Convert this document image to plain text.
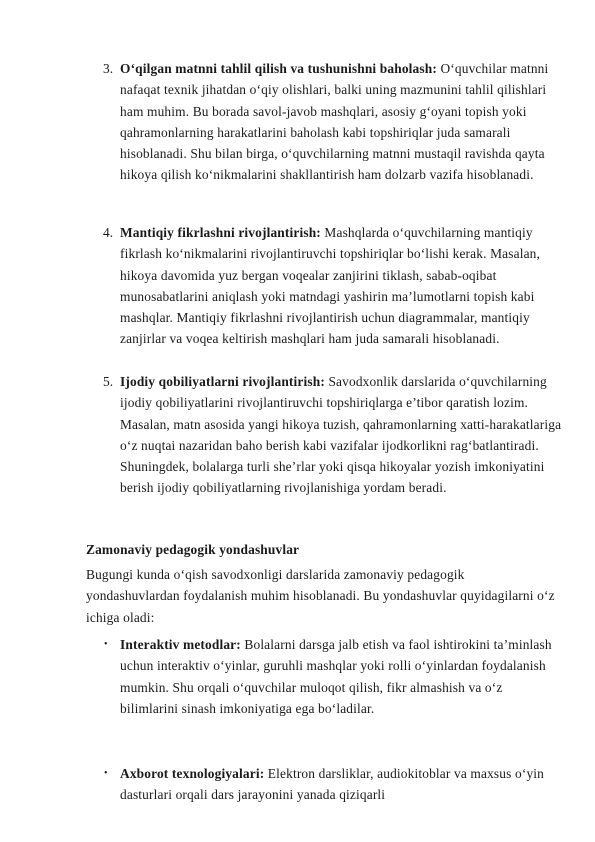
3. O‘qilgan matnni tahlil qilish va tushunishni baholash: O‘quvchilar matnni nafaqat texnik jihatdan o‘qiy olishlari, balki uning mazmunini tahlil qilishlari ham muhim. Bu borada savol-javob mashqlari, asosiy g‘oyani topish yoki qahramonlarning harakatlarini baholash kabi topshiriqlar juda samarali hisoblanadi. Shu bilan birga, o‘quvchilarning matnni mustaqil ravishda qayta hikoya qilish ko‘nikmalarini shakllantirish ham dolzarb vazifa hisoblanadi.

4. Mantiqiy fikrlashni rivojlantirish: Mashqlarda o‘quvchilarning mantiqiy fikrlash ko‘nikmalarini rivojlantiruvchi topshiriqlar bo‘lishi kerak. Masalan, hikoya davomida yuz bergan voqealar zanjirini tiklash, sabab-oqibat munosabatlarini aniqlash yoki matndagi yashirin ma’lumotlarni topish kabi mashqlar. Mantiqiy fikrlashni rivojlantirish uchun diagrammalar, mantiqiy zanjirlar va voqea keltirish mashqlari ham juda samarali hisoblanadi.

5. Ijodiy qobiliyatlarni rivojlantirish: Savodxonlik darslarida o‘quvchilarning ijodiy qobiliyatlarini rivojlantiruvchi topshiriqlarga e’tibor qaratish lozim. Masalan, matn asosida yangi hikoya tuzish, qahramonlarning xatti-harakatlariga o‘z nuqtai nazaridan baho berish kabi vazifalar ijodkorlikni rag‘batlantiradi. Shuningdek, bolalarga turli she’rlar yoki qisqa hikoyalar yozish imkoniyatini berish ijodiy qobiliyatlarning rivojlanishiga yordam beradi.

Zamonaviy pedagogik yondashuvlar

Bugungi kunda o‘qish savodxonligi darslarida zamonaviy pedagogik yondashuvlardan foydalanish muhim hisoblanadi. Bu yondashuvlar quyidagilarni o‘z ichiga oladi:

• Interaktiv metodlar: Bolalarni darsga jalb etish va faol ishtirokini ta’minlash uchun interaktiv o‘yinlar, guruhli mashqlar yoki rolli o‘yinlardan foydalanish mumkin. Shu orqali o‘quvchilar muloqot qilish, fikr almashish va o‘z bilimlarini sinash imkoniyatiga ega bo‘ladilar.

• Axborot texnologiyalari: Elektron darsliklar, audiokitoblar va maxsus o‘yin dasturlari orqali dars jarayonini yanada qiziqarli
